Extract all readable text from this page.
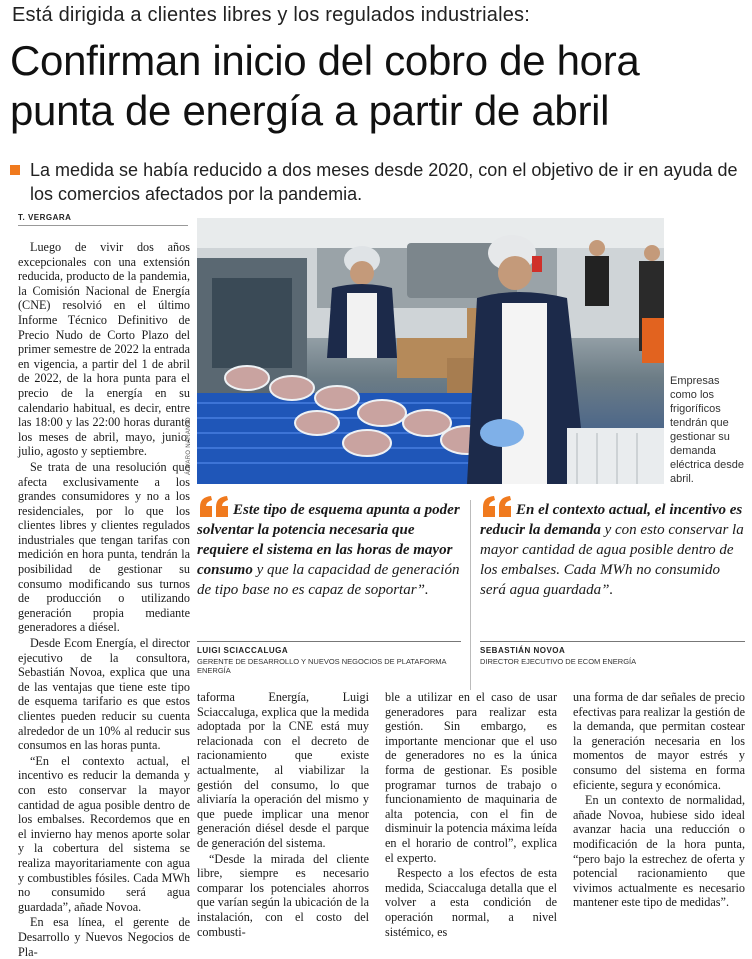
Está dirigida a clientes libres y los regulados industriales:
Confirman inicio del cobro de hora punta de energía a partir de abril
La medida se había reducido a dos meses desde 2020, con el objetivo de ir en ayuda de los comercios afectados por la pandemia.
T. VERGARA

Luego de vivir dos años excepcionales con una extensión reducida, producto de la pandemia, la Comisión Nacional de Energía (CNE) resolvió en el último Informe Técnico Definitivo de Precio Nudo de Corto Plazo del primer semestre de 2022 la entrada en vigencia, a partir del 1 de abril de 2022, de la hora punta para el precio de la energía en su calendario habitual, es decir, entre las 18:00 y las 22:00 horas durante los meses de abril, mayo, junio, julio, agosto y septiembre.

Se trata de una resolución que afecta exclusivamente a los grandes consumidores y no a los residenciales, por lo que los clientes libres y clientes regulados industriales que tengan tarifas con medición en hora punta, tendrán la posibilidad de gestionar su consumo modificando sus turnos de producción o utilizando generación propia mediante generadores a diésel.

Desde Ecom Energía, el director ejecutivo de la consultora, Sebastián Novoa, explica que una de las ventajas que tiene este tipo de esquema tarifario es que estos clientes pueden reducir su cuenta alrededor de un 10% al reducir sus consumos en las horas punta.

“En el contexto actual, el incentivo es reducir la demanda y con esto conservar la mayor cantidad de agua posible dentro de los embalses. Recordemos que en el invierno hay menos aporte solar y la cobertura del sistema se realiza mayoritariamente con agua y combustibles fósiles. Cada MWh no consumido será agua guardada”, añade Novoa.

En esa línea, el gerente de Desarrollo y Nuevos Negocios de Pla-

ÁLVARO NARANJO
Empresas como los frigoríficos tendrán que gestionar su demanda eléctrica desde abril.
Este tipo de esquema apunta a poder solventar la potencia necesaria que requiere el sistema en las horas de mayor consumo y que la capacidad de generación de tipo base no es capaz de soportar”.
LUIGI SCIACCALUGA
GERENTE DE DESARROLLO Y NUEVOS NEGOCIOS DE PLATAFORMA ENERGÍA
En el contexto actual, el incentivo es reducir la demanda y con esto conservar la mayor cantidad de agua posible dentro de los embalses. Cada MWh no consumido será agua guardada”.
SEBASTIÁN NOVOA
DIRECTOR EJECUTIVO DE ECOM ENERGÍA

taforma Energía, Luigi Sciaccaluga, explica que la medida adoptada por la CNE está muy relacionada con el decreto de racionamiento que existe actualmente, al viabilizar la gestión del consumo, lo que aliviaría la operación del mismo y que puede implicar una menor generación diésel desde el parque de generación del sistema.

“Desde la mirada del cliente libre, siempre es necesario comparar los potenciales ahorros que varían según la ubicación de la instalación, con el costo del combusti-

ble a utilizar en el caso de usar generadores para realizar esta gestión. Sin embargo, es importante mencionar que el uso de generadores no es la única forma de gestionar. Es posible programar turnos de trabajo o funcionamiento de maquinaria de alta potencia, con el fin de disminuir la potencia máxima leída en el horario de control”, explica el experto.

Respecto a los efectos de esta medida, Sciaccaluga detalla que el volver a esta condición de operación normal, a nivel sistémico, es

una forma de dar señales de precio efectivas para realizar la gestión de la demanda, que permitan costear la generación necesaria en los momentos de mayor estrés y consumo del sistema en forma eficiente, segura y económica.

En un contexto de normalidad, añade Novoa, hubiese sido ideal avanzar hacia una reducción o modificación de la hora punta, “pero bajo la estrechez de oferta y potencial racionamiento que vivimos actualmente es necesario mantener este tipo de medidas”.
